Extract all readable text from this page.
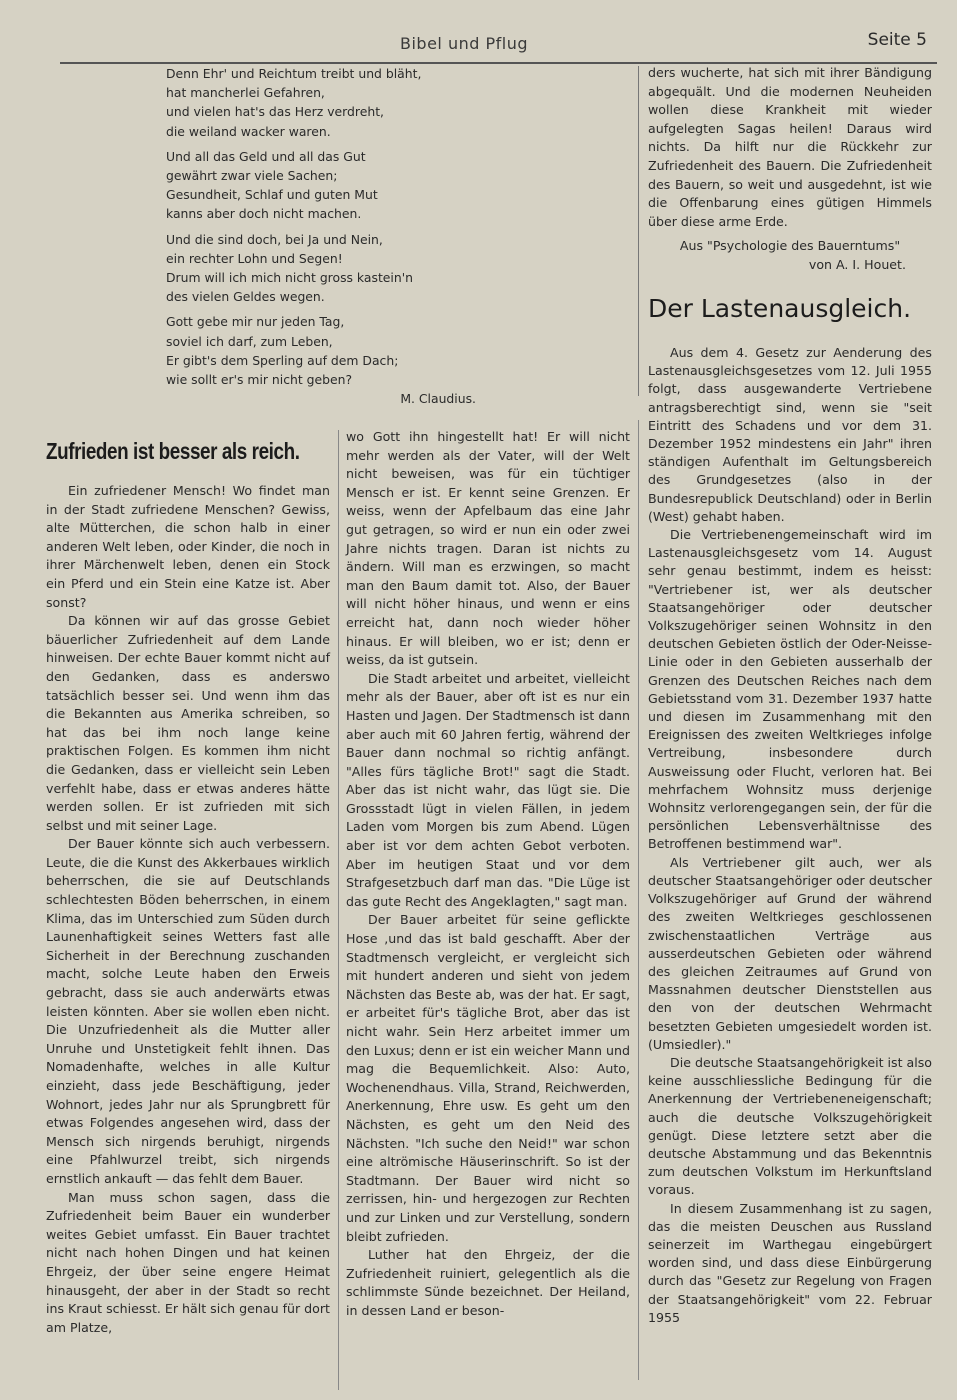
Bibel und Pflug	Seite 5
Denn Ehr' und Reichtum treibt und bläht,
hat mancherlei Gefahren,
und vielen hat's das Herz verdreht,
die weiland wacker waren.
Und all das Geld und all das Gut
gewährt zwar viele Sachen;
Gesundheit, Schlaf und guten Mut
kanns aber doch nicht machen.
Und die sind doch, bei Ja und Nein,
ein rechter Lohn und Segen!
Drum will ich mich nicht gross kastein'n
des vielen Geldes wegen.
Gott gebe mir nur jeden Tag,
soviel ich darf, zum Leben,
Er gibt's dem Sperling auf dem Dach;
wie sollt er's mir nicht geben?
M. Claudius.
Zufrieden ist besser als reich.

Ein zufriedener Mensch! Wo findet man in der Stadt zufriedene Menschen? Gewiss, alte Mütterchen, die schon halb in einer anderen Welt leben, oder Kinder, die noch in ihrer Märchenwelt leben, denen ein Stock ein Pferd und ein Stein eine Katze ist. Aber sonst?

Da können wir auf das grosse Gebiet bäuerlicher Zufriedenheit auf dem Lande hinweisen. Der echte Bauer kommt nicht auf den Gedanken, dass es anderswo tatsächlich besser sei. Und wenn ihm das die Bekannten aus Amerika schreiben, so hat das bei ihm noch lange keine praktischen Folgen. Es kommen ihm nicht die Gedanken, dass er vielleicht sein Leben verfehlt habe, dass er etwas anderes hätte werden sollen. Er ist zufrieden mit sich selbst und mit seiner Lage.

Der Bauer könnte sich auch verbessern. Leute, die die Kunst des Akkerbaues wirklich beherrschen, die sie auf Deutschlands schlechtesten Böden beherrschen, in einem Klima, das im Unterschied zum Süden durch Launenhaftigkeit seines Wetters fast alle Sicherheit in der Berechnung zuschanden macht, solche Leute haben den Erweis gebracht, dass sie auch anderwärts etwas leisten könnten. Aber sie wollen eben nicht. Die Unzufriedenheit als die Mutter aller Unruhe und Unstetigkeit fehlt ihnen. Das Nomadenhafte, welches in alle Kultur einzieht, dass jede Beschäftigung, jeder Wohnort, jedes Jahr nur als Sprungbrett für etwas Folgendes angesehen wird, dass der Mensch sich nirgends beruhigt, nirgends eine Pfahlwurzel treibt, sich nirgends ernstlich ankauft — das fehlt dem Bauer.

Man muss schon sagen, dass die Zufriedenheit beim Bauer ein wunderber weites Gebiet umfasst. Ein Bauer trachtet nicht nach hohen Dingen und hat keinen Ehrgeiz, der über seine engere Heimat hinausgeht, der aber in der Stadt so recht ins Kraut schiesst. Er hält sich genau für dort am Platze,

wo Gott ihn hingestellt hat! Er will nicht mehr werden als der Vater, will der Welt nicht beweisen, was für ein tüchtiger Mensch er ist. Er kennt seine Grenzen. Er weiss, wenn der Apfelbaum das eine Jahr gut getragen, so wird er nun ein oder zwei Jahre nichts tragen. Daran ist nichts zu ändern. Will man es erzwingen, so macht man den Baum damit tot. Also, der Bauer will nicht höher hinaus, und wenn er eins erreicht hat, dann noch wieder höher hinaus. Er will bleiben, wo er ist; denn er weiss, da ist gutsein.

Die Stadt arbeitet und arbeitet, vielleicht mehr als der Bauer, aber oft ist es nur ein Hasten und Jagen. Der Stadtmensch ist dann aber auch mit 60 Jahren fertig, während der Bauer dann nochmal so richtig anfängt. "Alles fürs tägliche Brot!" sagt die Stadt. Aber das ist nicht wahr, das lügt sie. Die Grossstadt lügt in vielen Fällen, in jedem Laden vom Morgen bis zum Abend. Lügen aber ist vor dem achten Gebot verboten. Aber im heutigen Staat und vor dem Strafgesetzbuch darf man das. "Die Lüge ist das gute Recht des Angeklagten," sagt man.

Der Bauer arbeitet für seine geflickte Hose ,und das ist bald geschafft. Aber der Stadtmensch vergleicht, er vergleicht sich mit hundert anderen und sieht von jedem Nächsten das Beste ab, was der hat. Er sagt, er arbeitet für's tägliche Brot, aber das ist nicht wahr. Sein Herz arbeitet immer um den Luxus; denn er ist ein weicher Mann und mag die Bequemlichkeit. Also: Auto, Wochenendhaus. Villa, Strand, Reichwerden, Anerkennung, Ehre usw. Es geht um den Nächsten, es geht um den Neid des Nächsten. "Ich suche den Neid!" war schon eine altrömische Häuserinschrift. So ist der Stadtmann. Der Bauer wird nicht so zerrissen, hin- und hergezogen zur Rechten und zur Linken und zur Verstellung, sondern bleibt zufrieden.

Luther hat den Ehrgeiz, der die Zufriedenheit ruiniert, gelegentlich als die schlimmste Sünde bezeichnet. Der Heiland, in dessen Land er beson-

ders wucherte, hat sich mit ihrer Bändigung abgequält. Und die modernen Neuheiden wollen diese Krankheit mit wieder aufgelegten Sagas heilen! Daraus wird nichts. Da hilft nur die Rückkehr zur Zufriedenheit des Bauern. Die Zufriedenheit des Bauern, so weit und ausgedehnt, ist wie die Offenbarung eines gütigen Himmels über diese arme Erde.

Aus "Psychologie des Bauerntums"
von A. I. Houet.
Der Lastenausgleich.

Aus dem 4. Gesetz zur Aenderung des Lastenausgleichsgesetzes vom 12. Juli 1955 folgt, dass ausgewanderte Vertriebene antragsberechtigt sind, wenn sie "seit Eintritt des Schadens und vor dem 31. Dezember 1952 mindestens ein Jahr" ihren ständigen Aufenthalt im Geltungsbereich des Grundgesetzes (also in der Bundesrepublick Deutschland) oder in Berlin (West) gehabt haben.

Die Vertriebenengemeinschaft wird im Lastenausgleichsgesetz vom 14. August sehr genau bestimmt, indem es heisst: "Vertriebener ist, wer als deutscher Staatsangehöriger oder deutscher Volkszugehöriger seinen Wohnsitz in den deutschen Gebieten östlich der Oder-Neisse-Linie oder in den Gebieten ausserhalb der Grenzen des Deutschen Reiches nach dem Gebietsstand vom 31. Dezember 1937 hatte und diesen im Zusammenhang mit den Ereignissen des zweiten Weltkrieges infolge Vertreibung, insbesondere durch Ausweissung oder Flucht, verloren hat. Bei mehrfachem Wohnsitz muss derjenige Wohnsitz verlorengegangen sein, der für die persönlichen Lebensverhältnisse des Betroffenen bestimmend war".

Als Vertriebener gilt auch, wer als deutscher Staatsangehöriger oder deutscher Volkszugehöriger auf Grund der während des zweiten Weltkrieges geschlossenen zwischenstaatlichen Verträge aus ausserdeutschen Gebieten oder während des gleichen Zeitraumes auf Grund von Massnahmen deutscher Dienststellen aus den von der deutschen Wehrmacht besetzten Gebieten umgesiedelt worden ist. (Umsiedler)."

Die deutsche Staatsangehörigkeit ist also keine ausschliessliche Bedingung für die Anerkennung der Vertriebeneneigenschaft; auch die deutsche Volkszugehörigkeit genügt. Diese letztere setzt aber die deutsche Abstammung und das Bekenntnis zum deutschen Volkstum im Herkunftsland voraus.

In diesem Zusammenhang ist zu sagen, das die meisten Deuschen aus Russland seinerzeit im Warthegau eingebürgert worden sind, und dass diese Einbürgerung durch das "Gesetz zur Regelung von Fragen der Staatsangehörigkeit" vom 22. Februar 1955
